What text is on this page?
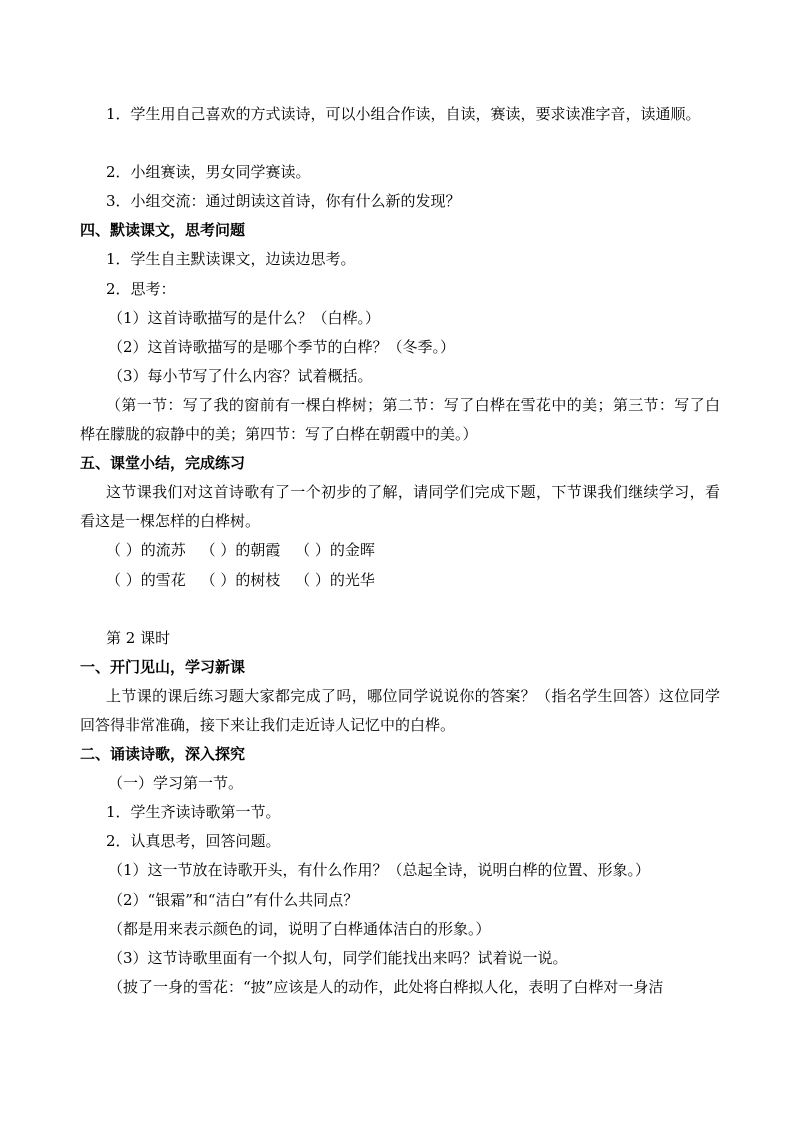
1．学生用自己喜欢的方式读诗，可以小组合作读，自读，赛读，要求读准字音，读通顺。
2．小组赛读，男女同学赛读。
3．小组交流：通过朗读这首诗，你有什么新的发现？
四、默读课文，思考问题
1．学生自主默读课文，边读边思考。
2．思考：
（1）这首诗歌描写的是什么？（白桦。）
（2）这首诗歌描写的是哪个季节的白桦？（冬季。）
（3）每小节写了什么内容？试着概括。
（第一节：写了我的窗前有一棵白桦树；第二节：写了白桦在雪花中的美；第三节：写了白桦在朦胧的寂静中的美；第四节：写了白桦在朝霞中的美。）
五、课堂小结，完成练习
这节课我们对这首诗歌有了一个初步的了解，请同学们完成下题，下节课我们继续学习，看看这是一棵怎样的白桦树。
（ ）的流苏 （ ）的朝霞 （ ）的金晖
（ ）的雪花 （ ）的树枝 （ ）的光华
第 2 课时
一、开门见山，学习新课
上节课的课后练习题大家都完成了吗，哪位同学说说你的答案？（指名学生回答）这位同学回答得非常准确，接下来让我们走近诗人记忆中的白桦。
二、诵读诗歌，深入探究
（一）学习第一节。
1．学生齐读诗歌第一节。
2．认真思考，回答问题。
（1）这一节放在诗歌开头，有什么作用？（总起全诗，说明白桦的位置、形象。）
（2）“银霜”和“洁白”有什么共同点？
（都是用来表示颜色的词，说明了白桦通体洁白的形象。）
（3）这节诗歌里面有一个拟人句，同学们能找出来吗？试着说一说。
（披了一身的雪花：“披”应该是人的动作，此处将白桦拟人化，表明了白桦对一身洁
